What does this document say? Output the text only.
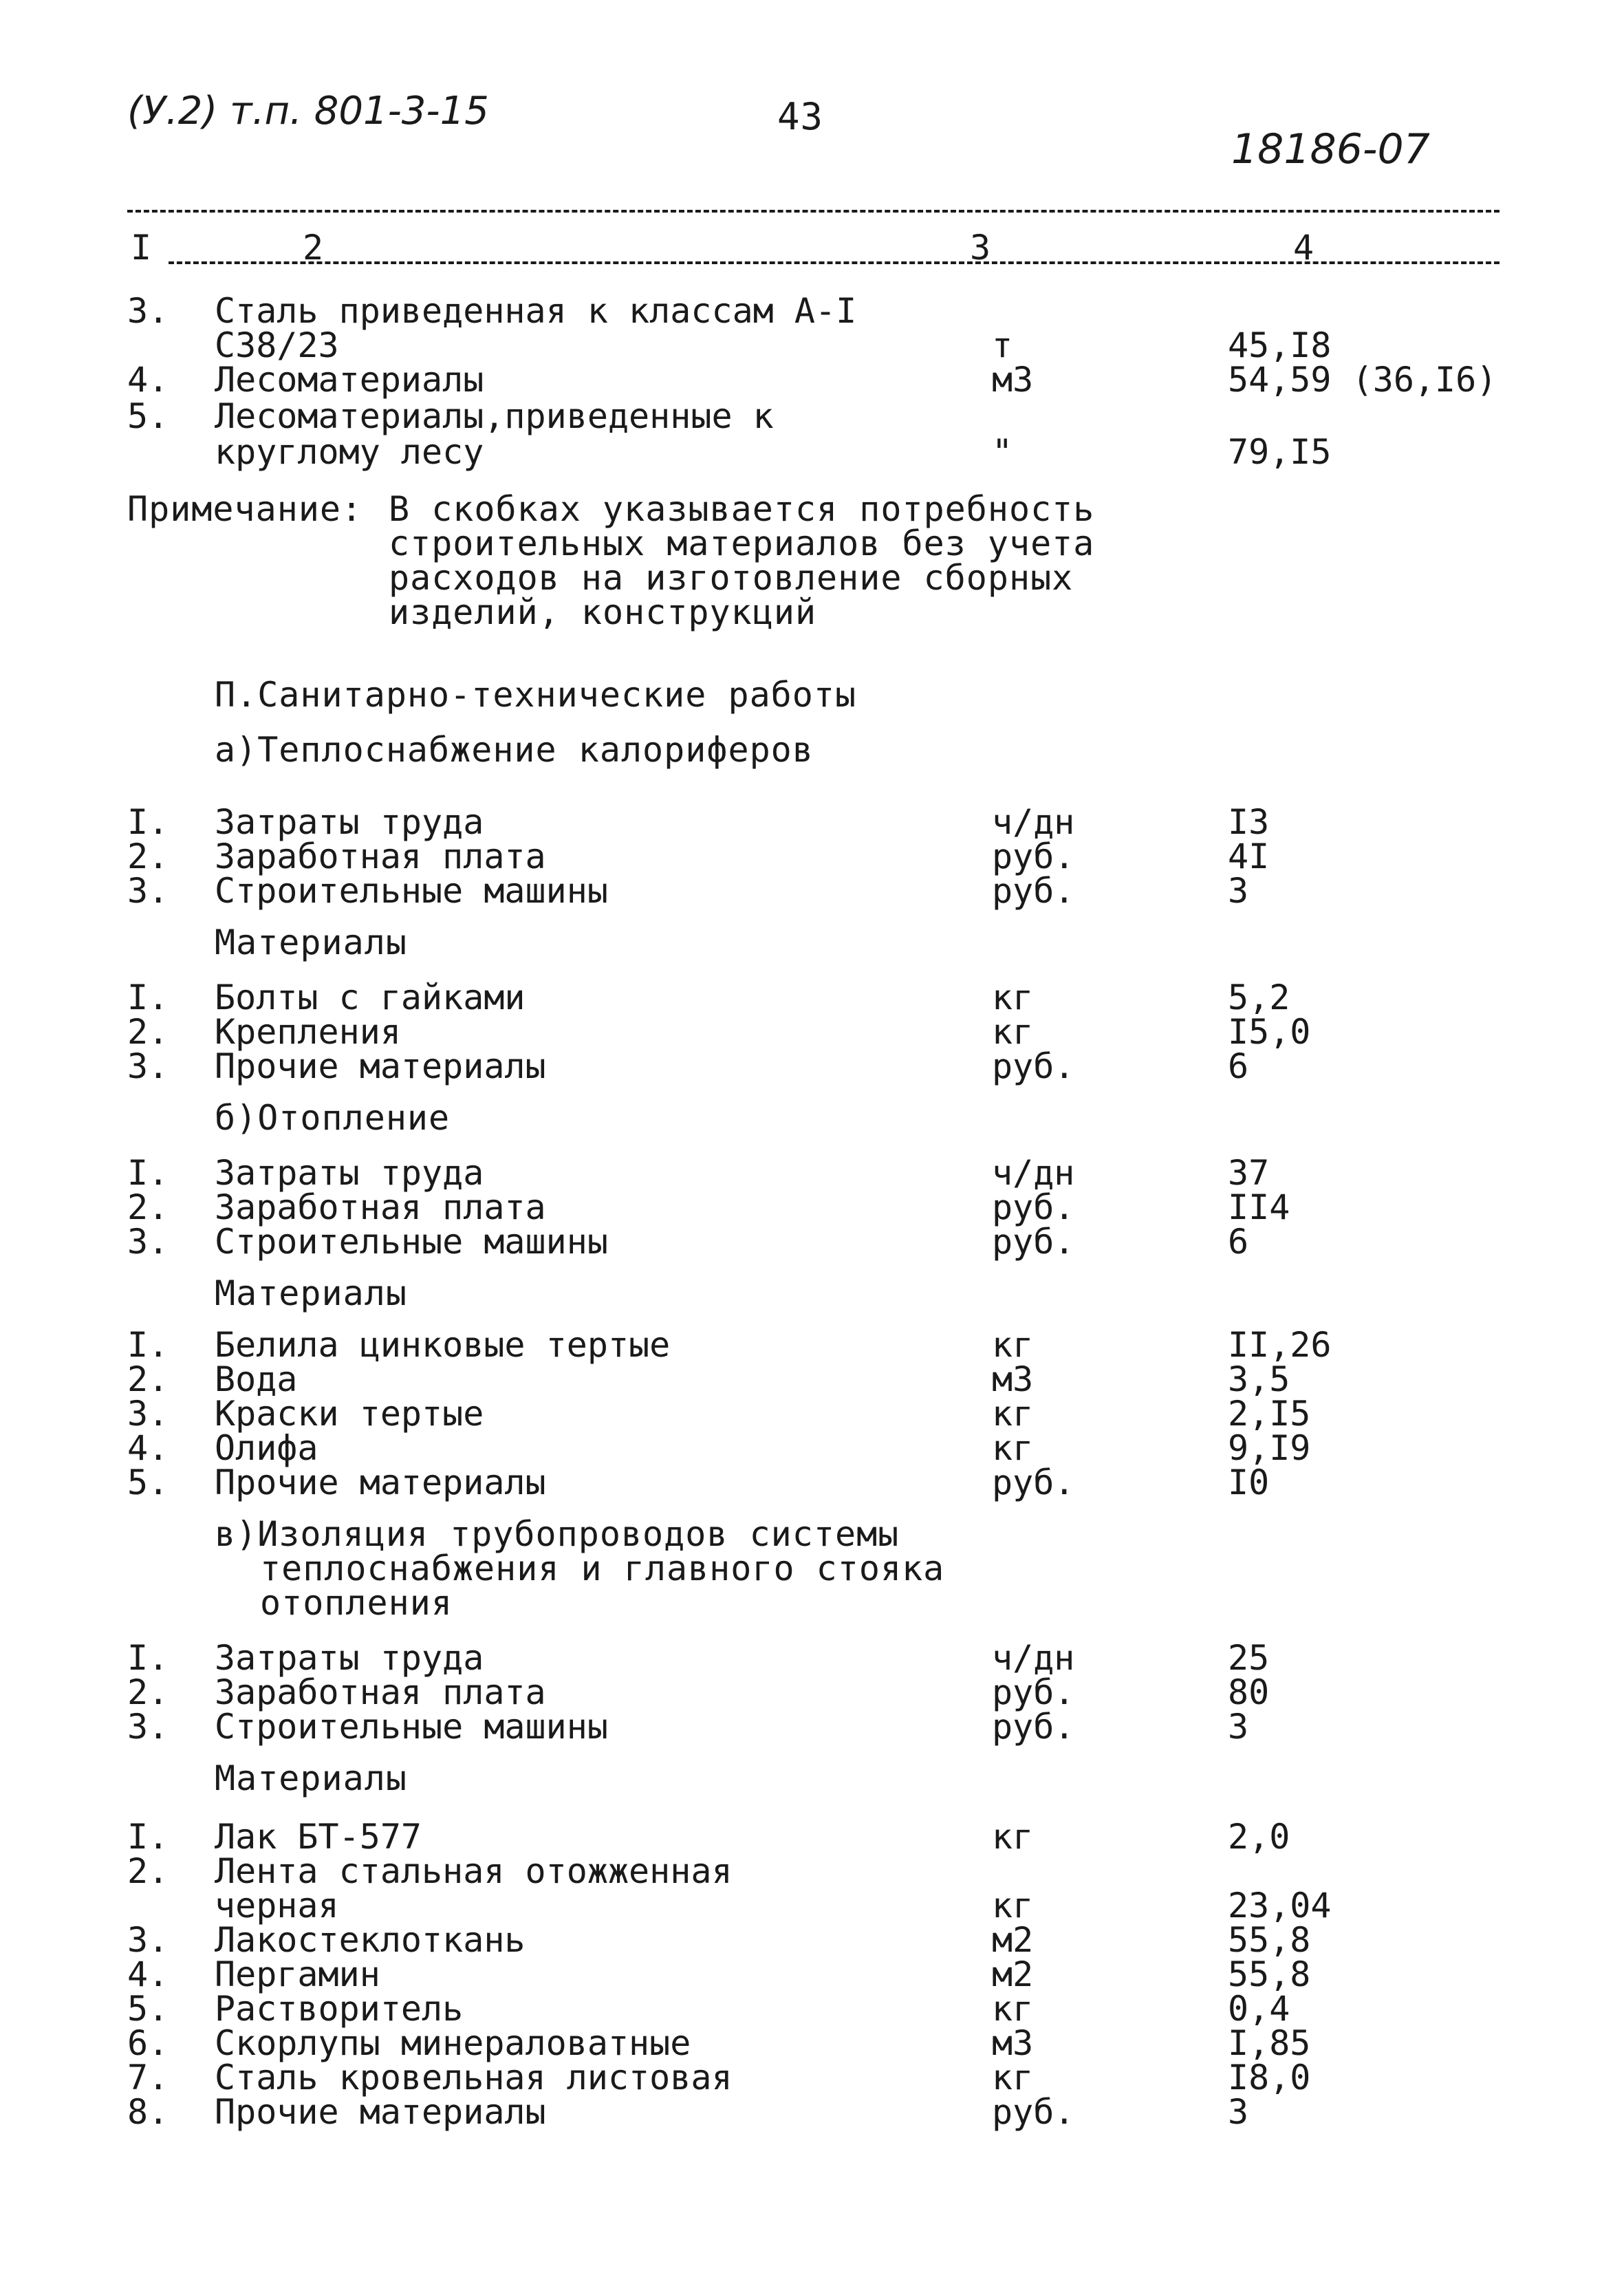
(У.2) т.п. 801-3-15	43
18186-07
I	2	3	4
3. Сталь приведенная к классам А-I
С38/23	т	45,I8
4. Лесоматериалы	м3	54,59 (36,I6)
5. Лесоматериалы,приведенные к
круглому лесу	"	79,I5
Примечание: В скобках указывается потребность
строительных материалов без учета
расходов на изготовление сборных
изделий, конструкций
П.Санитарно-технические работы
а)Теплоснабжение калориферов
I. Затраты труда	ч/дн	I3
2. Заработная плата	руб.	4I
3. Строительные машины	руб.	3
Материалы
I. Болты с гайками	кг	5,2
2. Крепления	кг	I5,0
3. Прочие материалы	руб.	6
б)Отопление
I. Затраты труда	ч/дн	37
2. Заработная плата	руб.	II4
3. Строительные машины	руб.	6
Материалы
I. Белила цинковые тертые	кг	II,26
2. Вода	м3	3,5
3. Краски тертые	кг	2,I5
4. Олифа	кг	9,I9
5. Прочие материалы	руб.	I0
в)Изоляция трубопроводов системы
теплоснабжения и главного стояка
отопления
I. Затраты труда	ч/дн	25
2. Заработная плата	руб.	80
3. Строительные машины	руб.	3
Материалы
I. Лак БТ-577	кг	2,0
2. Лента стальная отожженная
черная	кг	23,04
3. Лакостеклоткань	м2	55,8
4. Пергамин	м2	55,8
5. Растворитель	кг	0,4
6. Скорлупы минераловатные	м3	I,85
7. Сталь кровельная листовая	кг	I8,0
8. Прочие материалы	руб.	3
